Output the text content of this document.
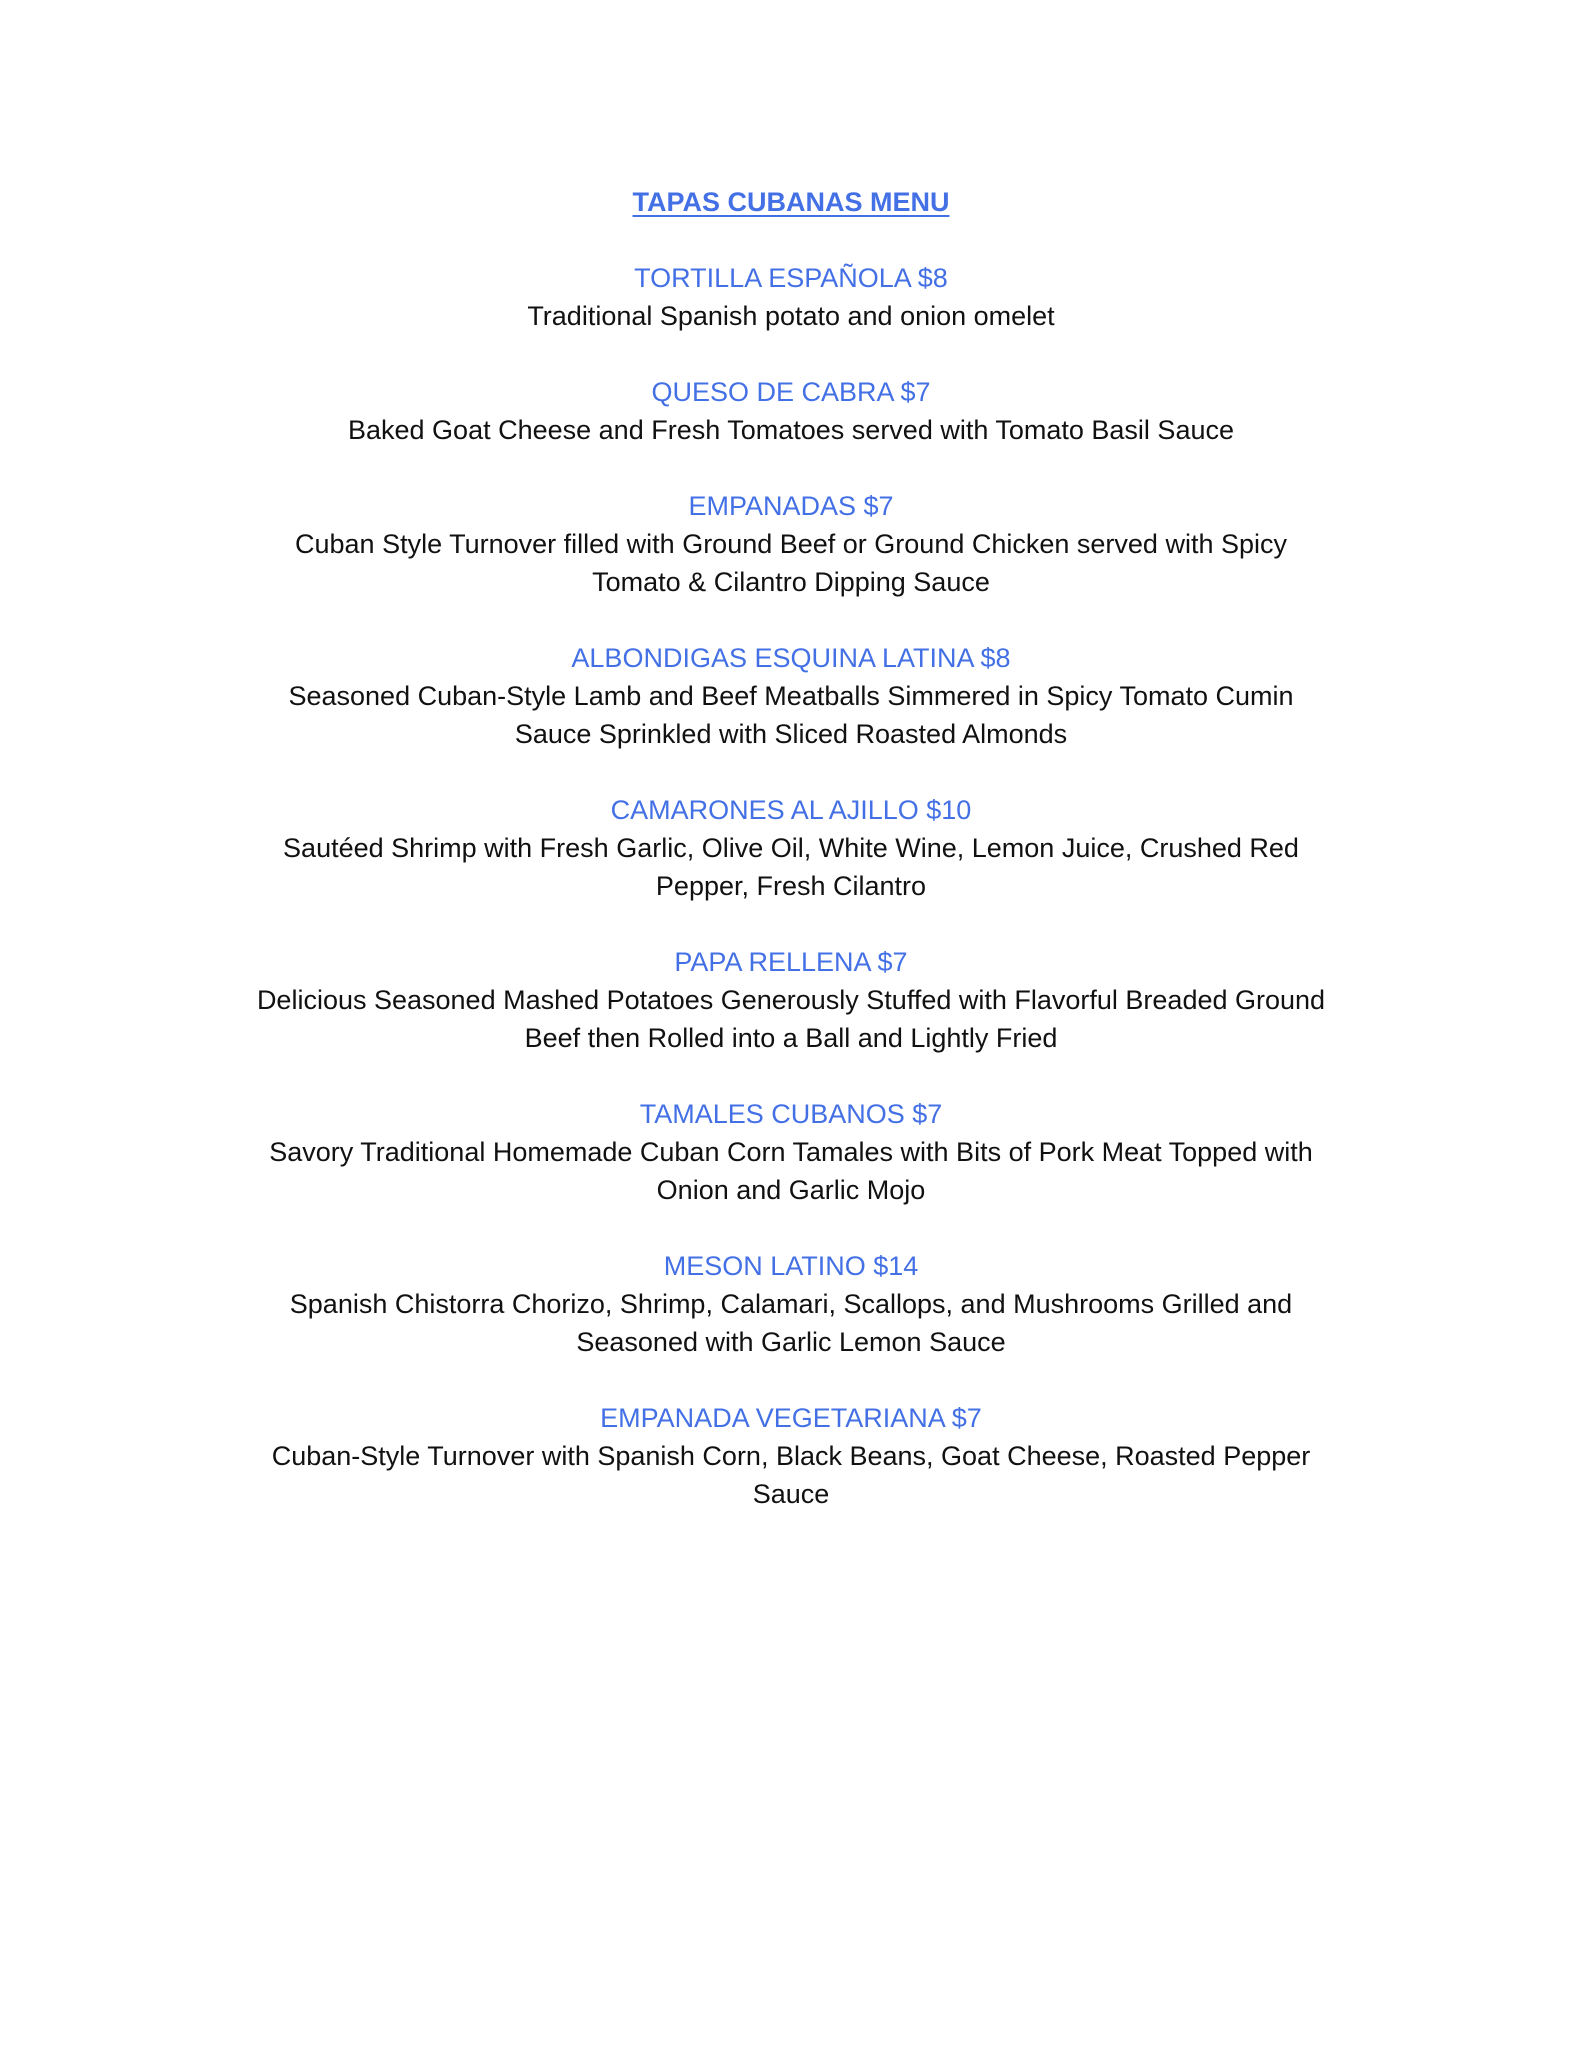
TAPAS CUBANAS MENU
TORTILLA ESPAÑOLA $8
Traditional Spanish potato and onion omelet
QUESO DE CABRA $7
Baked Goat Cheese and Fresh Tomatoes served with Tomato Basil Sauce
EMPANADAS $7
Cuban Style Turnover filled with Ground Beef or Ground Chicken served with Spicy
Tomato & Cilantro Dipping Sauce
ALBONDIGAS ESQUINA LATINA $8
Seasoned Cuban-Style Lamb and Beef Meatballs Simmered in Spicy Tomato Cumin
Sauce Sprinkled with Sliced Roasted Almonds
CAMARONES AL AJILLO $10
Sautéed Shrimp with Fresh Garlic, Olive Oil, White Wine, Lemon Juice, Crushed Red
Pepper, Fresh Cilantro
PAPA RELLENA $7
Delicious Seasoned Mashed Potatoes Generously Stuffed with Flavorful Breaded Ground
Beef then Rolled into a Ball and Lightly Fried
TAMALES CUBANOS $7
Savory Traditional Homemade Cuban Corn Tamales with Bits of Pork Meat Topped with
Onion and Garlic Mojo
MESON LATINO $14
Spanish Chistorra Chorizo, Shrimp, Calamari, Scallops, and Mushrooms Grilled and
Seasoned with Garlic Lemon Sauce
EMPANADA VEGETARIANA $7
Cuban-Style Turnover with Spanish Corn, Black Beans, Goat Cheese, Roasted Pepper
Sauce
